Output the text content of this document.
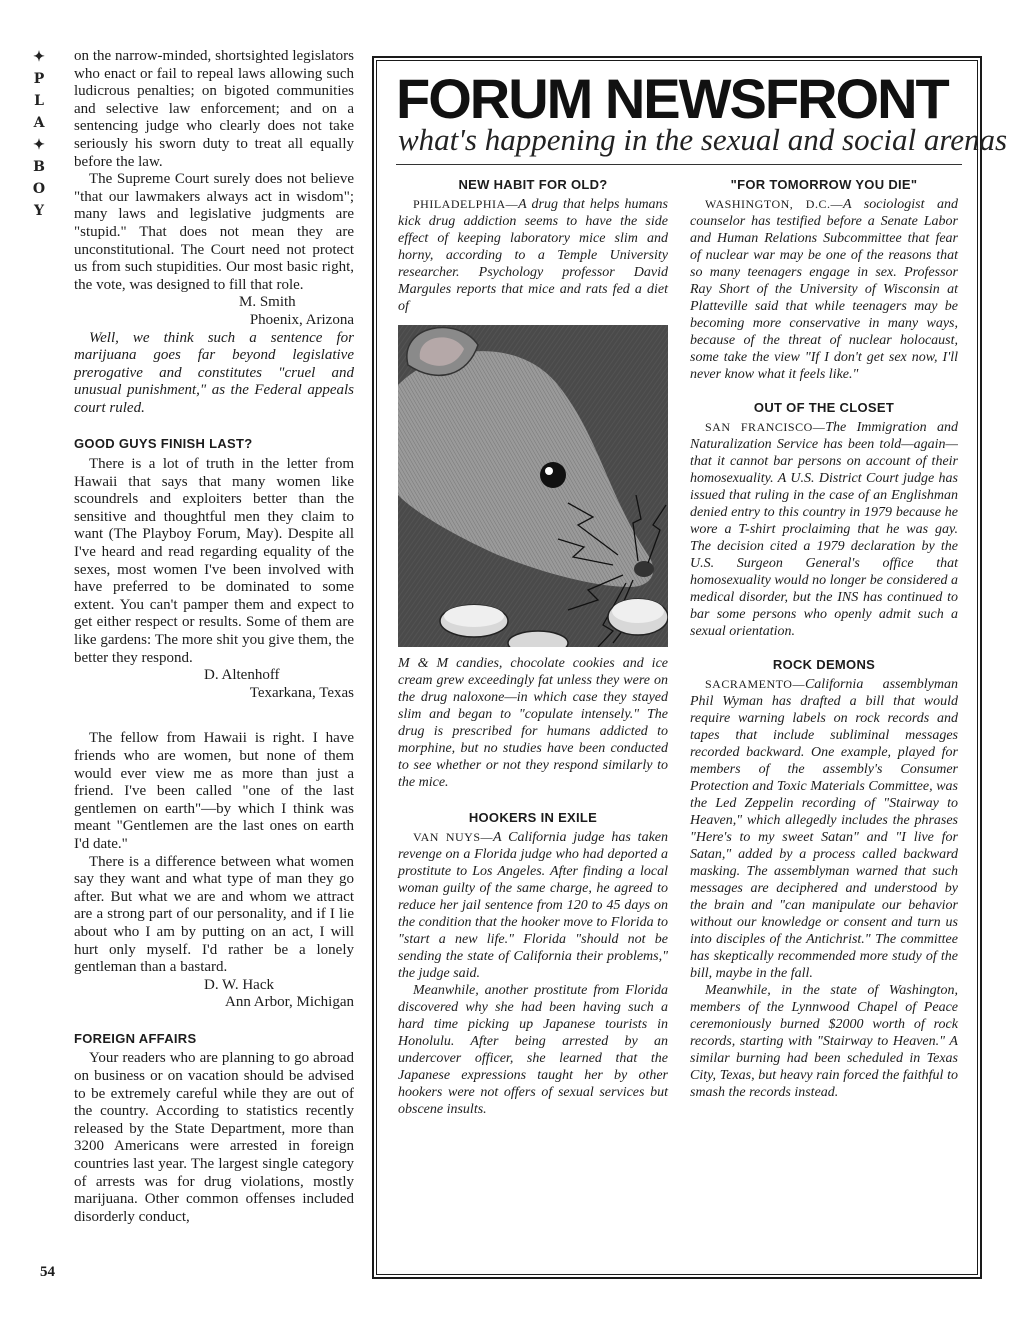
✦
P
L
A
✦
B
O
Y
54

on the narrow-minded, shortsighted legislators who enact or fail to repeal laws allowing such ludicrous penalties; on bigoted communities and selective law enforcement; and on a sentencing judge who clearly does not take seriously his sworn duty to treat all equally before the law.

The Supreme Court surely does not believe "that our lawmakers always act in wisdom"; many laws and legislative judgments are "stupid." That does not mean they are unconstitutional. The Court need not protect us from such stupidities. Our most basic right, the vote, was designed to fill that role.

M. Smith
Phoenix, Arizona

Well, we think such a sentence for marijuana goes far beyond legislative prerogative and constitutes "cruel and unusual punishment," as the Federal appeals court ruled.

GOOD GUYS FINISH LAST?

There is a lot of truth in the letter from Hawaii that says that many women like scoundrels and exploiters better than the sensitive and thoughtful men they claim to want (The Playboy Forum, May). Despite all I've heard and read regarding equality of the sexes, most women I've been involved with have preferred to be dominated to some extent. You can't pamper them and expect to get either respect or results. Some of them are like gardens: The more shit you give them, the better they respond.

D. Altenhoff
Texarkana, Texas

The fellow from Hawaii is right. I have friends who are women, but none of them would ever view me as more than just a friend. I've been called "one of the last gentlemen on earth"—by which I think was meant "Gentlemen are the last ones on earth I'd date."

There is a difference between what women say they want and what type of man they go after. But what we are and whom we attract are a strong part of our personality, and if I lie about who I am by putting on an act, I will hurt only myself. I'd rather be a lonely gentleman than a bastard.

D. W. Hack
Ann Arbor, Michigan
FOREIGN AFFAIRS

Your readers who are planning to go abroad on business or on vacation should be advised to be extremely careful while they are out of the country. According to statistics recently released by the State Department, more than 3200 Americans were arrested in foreign countries last year. The largest single category of arrests was for drug violations, mostly marijuana. Other common offenses included disorderly conduct,

FORUM NEWSFRONT
what's happening in the sexual and social arenas
NEW HABIT FOR OLD?

PHILADELPHIA—A drug that helps humans kick drug addiction seems to have the side effect of keeping laboratory mice slim and horny, according to a Temple University researcher. Psychology professor David Margules reports that mice and rats fed a diet of

M & M candies, chocolate cookies and ice cream grew exceedingly fat unless they were on the drug naloxone—in which case they stayed slim and began to "copulate intensely." The drug is prescribed for humans addicted to morphine, but no studies have been conducted to see whether or not they respond similarly to the mice.

HOOKERS IN EXILE

VAN NUYS—A California judge has taken revenge on a Florida judge who had deported a prostitute to Los Angeles. After finding a local woman guilty of the same charge, he agreed to reduce her jail sentence from 120 to 45 days on the condition that the hooker move to Florida to "start a new life." Florida "should not be sending the state of California their problems," the judge said.

Meanwhile, another prostitute from Florida discovered why she had been having such a hard time picking up Japanese tourists in Honolulu. After being arrested by an undercover officer, she learned that the Japanese expressions taught her by other hookers were not offers of sexual services but obscene insults.

"FOR TOMORROW YOU DIE"

WASHINGTON, D.C.—A sociologist and counselor has testified before a Senate Labor and Human Relations Subcommittee that fear of nuclear war may be one of the reasons that so many teenagers engage in sex. Professor Ray Short of the University of Wisconsin at Platteville said that while teenagers may be becoming more conservative in many ways, because of the threat of nuclear holocaust, some take the view "If I don't get sex now, I'll never know what it feels like."

OUT OF THE CLOSET

SAN FRANCISCO—The Immigration and Naturalization Service has been told—again—that it cannot bar persons on account of their homosexuality. A U.S. District Court judge has issued that ruling in the case of an Englishman denied entry to this country in 1979 because he wore a T-shirt proclaiming that he was gay. The decision cited a 1979 declaration by the U.S. Surgeon General's office that homosexuality would no longer be considered a medical disorder, but the INS has continued to bar some persons who openly admit such a sexual orientation.

ROCK DEMONS

SACRAMENTO—California assemblyman Phil Wyman has drafted a bill that would require warning labels on rock records and tapes that include subliminal messages recorded backward. One example, played for members of the assembly's Consumer Protection and Toxic Materials Committee, was the Led Zeppelin recording of "Stairway to Heaven," which allegedly includes the phrases "Here's to my sweet Satan" and "I live for Satan," added by a process called backward masking. The assemblyman warned that such messages are deciphered and understood by the brain and "can manipulate our behavior without our knowledge or consent and turn us into disciples of the Antichrist." The committee has skeptically recommended more study of the bill, maybe in the fall.

Meanwhile, in the state of Washington, members of the Lynnwood Chapel of Peace ceremoniously burned $2000 worth of rock records, starting with "Stairway to Heaven." A similar burning had been scheduled in Texas City, Texas, but heavy rain forced the faithful to smash the records instead.
